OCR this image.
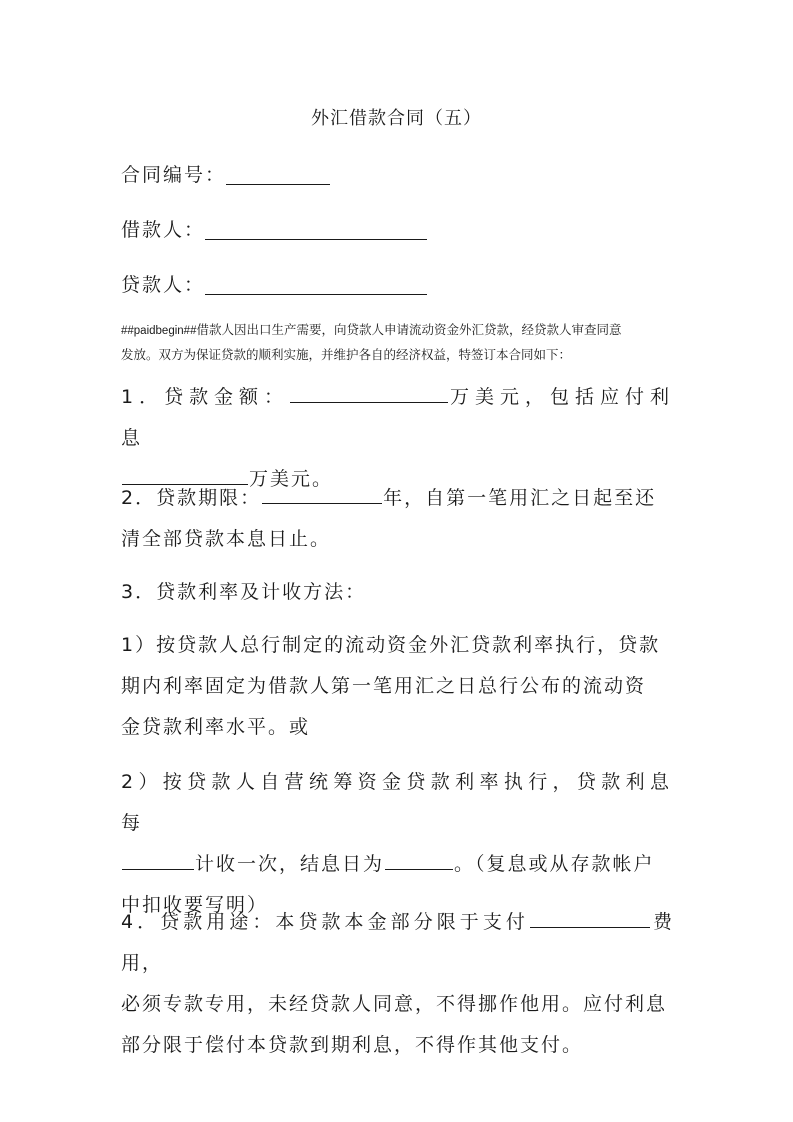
外汇借款合同（五）
合同编号：
借款人：
贷款人：
##paidbegin##借款人因出口生产需要，向贷款人申请流动资金外汇贷款，经贷款人审查同意
发放。双方为保证贷款的顺利实施，并维护各自的经济权益，特签订本合同如下：
1．贷款金额：	万美元，包括应付利息
万美元。
2．贷款期限：	年，自第一笔用汇之日起至还
清全部贷款本息日止。
3．贷款利率及计收方法：
1）按贷款人总行制定的流动资金外汇贷款利率执行，贷款
期内利率固定为借款人第一笔用汇之日总行公布的流动资
金贷款利率水平。或
2）按贷款人自营统筹资金贷款利率执行，贷款利息每
计收一次，结息日为	。（复息或从存款帐户
中扣收要写明）
4．贷款用途：本贷款本金部分限于支付	费用，
必须专款专用，未经贷款人同意，不得挪作他用。应付利息
部分限于偿付本贷款到期利息，不得作其他支付。
